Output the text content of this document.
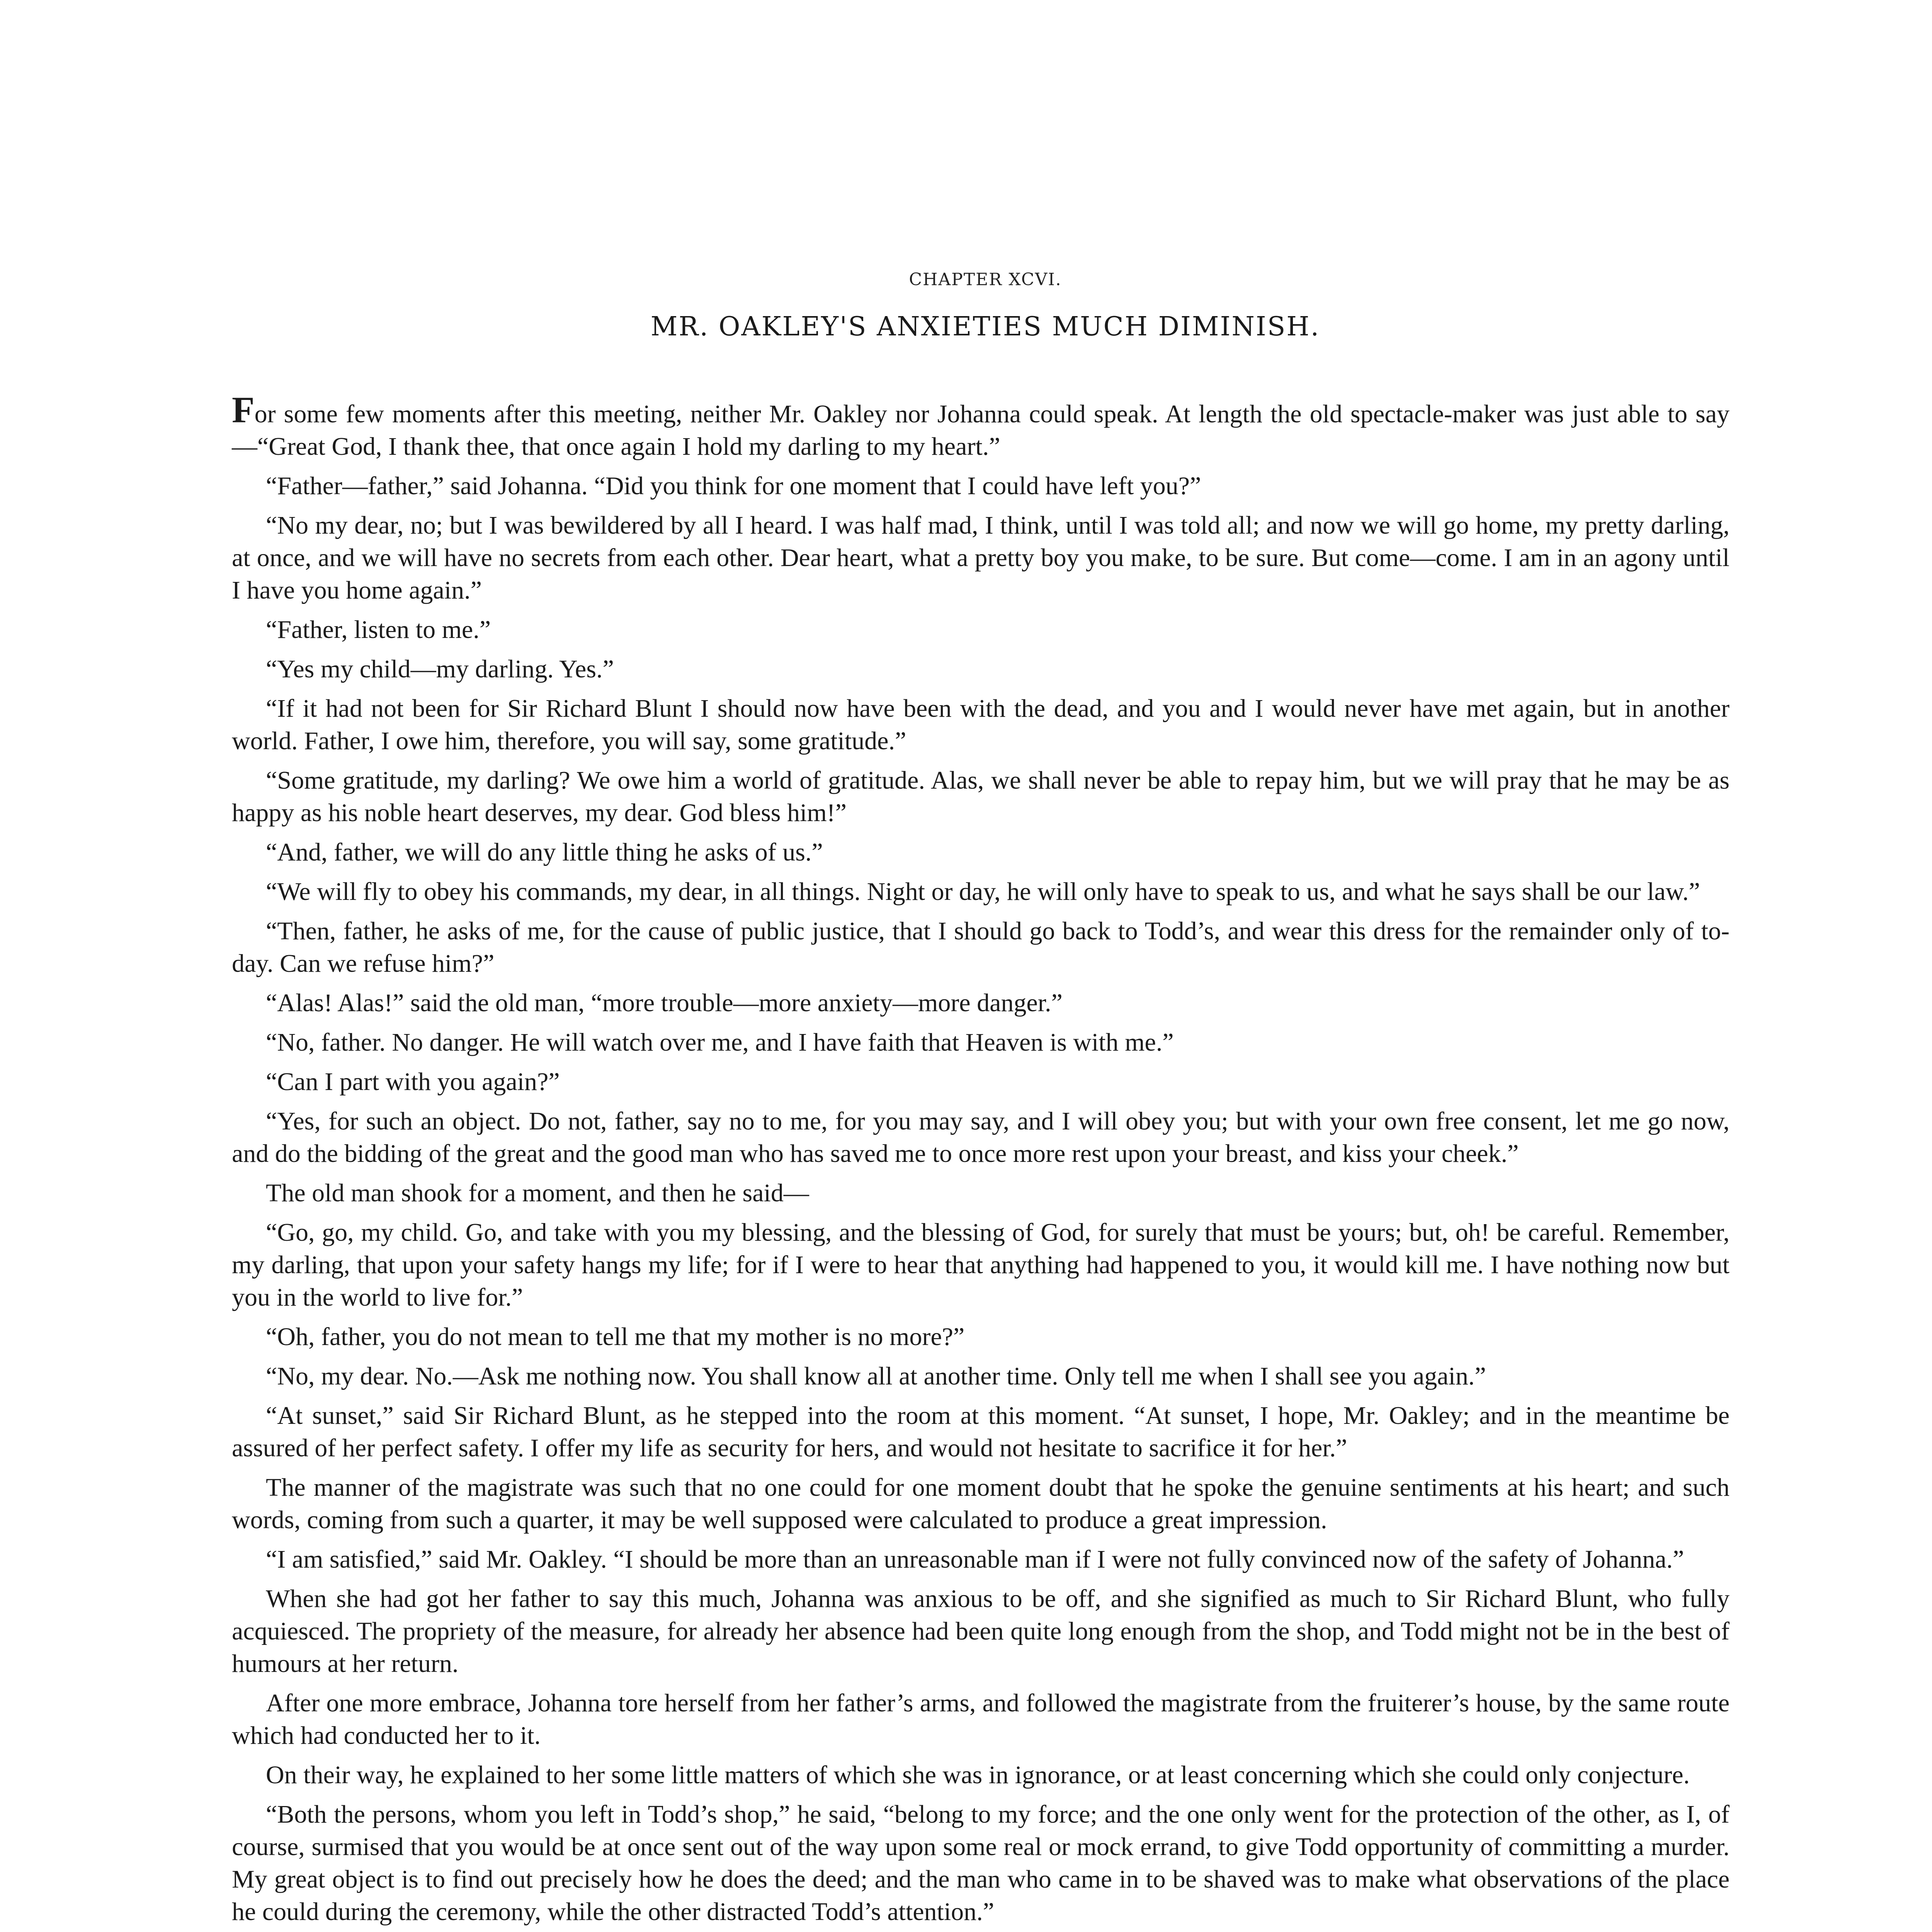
CHAPTER XCVI.
MR. OAKLEY'S ANXIETIES MUCH DIMINISH.

For some few moments after this meeting, neither Mr. Oakley nor Johanna could speak. At length the old spectacle-maker was just able to say—“Great God, I thank thee, that once again I hold my darling to my heart.”

“Father—father,” said Johanna. “Did you think for one moment that I could have left you?”

“No my dear, no; but I was bewildered by all I heard. I was half mad, I think, until I was told all; and now we will go home, my pretty darling, at once, and we will have no secrets from each other. Dear heart, what a pretty boy you make, to be sure. But come—come. I am in an agony until I have you home again.”

“Father, listen to me.”

“Yes my child—my darling. Yes.”

“If it had not been for Sir Richard Blunt I should now have been with the dead, and you and I would never have met again, but in another world. Father, I owe him, therefore, you will say, some gratitude.”

“Some gratitude, my darling? We owe him a world of gratitude. Alas, we shall never be able to repay him, but we will pray that he may be as happy as his noble heart deserves, my dear. God bless him!”

“And, father, we will do any little thing he asks of us.”

“We will fly to obey his commands, my dear, in all things. Night or day, he will only have to speak to us, and what he says shall be our law.”

“Then, father, he asks of me, for the cause of public justice, that I should go back to Todd’s, and wear this dress for the remainder only of to-day. Can we refuse him?”

“Alas! Alas!” said the old man, “more trouble—more anxiety—more danger.”

“No, father. No danger. He will watch over me, and I have faith that Heaven is with me.”

“Can I part with you again?”

“Yes, for such an object. Do not, father, say no to me, for you may say, and I will obey you; but with your own free consent, let me go now, and do the bidding of the great and the good man who has saved me to once more rest upon your breast, and kiss your cheek.”

The old man shook for a moment, and then he said—

“Go, go, my child. Go, and take with you my blessing, and the blessing of God, for surely that must be yours; but, oh! be careful. Remember, my darling, that upon your safety hangs my life; for if I were to hear that anything had happened to you, it would kill me. I have nothing now but you in the world to live for.”

“Oh, father, you do not mean to tell me that my mother is no more?”

“No, my dear. No.—Ask me nothing now. You shall know all at another time. Only tell me when I shall see you again.”

“At sunset,” said Sir Richard Blunt, as he stepped into the room at this moment. “At sunset, I hope, Mr. Oakley; and in the meantime be assured of her perfect safety. I offer my life as security for hers, and would not hesitate to sacrifice it for her.”

The manner of the magistrate was such that no one could for one moment doubt that he spoke the genuine sentiments at his heart; and such words, coming from such a quarter, it may be well supposed were calculated to produce a great impression.

“I am satisfied,” said Mr. Oakley. “I should be more than an unreasonable man if I were not fully convinced now of the safety of Johanna.”

When she had got her father to say this much, Johanna was anxious to be off, and she signified as much to Sir Richard Blunt, who fully acquiesced. The propriety of the measure, for already her absence had been quite long enough from the shop, and Todd might not be in the best of humours at her return.

After one more embrace, Johanna tore herself from her father’s arms, and followed the magistrate from the fruiterer’s house, by the same route which had conducted her to it.

On their way, he explained to her some little matters of which she was in ignorance, or at least concerning which she could only conjecture.

“Both the persons, whom you left in Todd’s shop,” he said, “belong to my force; and the one only went for the protection of the other, as I, of course, surmised that you would be at once sent out of the way upon some real or mock errand, to give Todd opportunity of committing a murder. My great object is to find out precisely how he does the deed; and the man who came in to be shaved was to make what observations of the place he could during the ceremony, while the other distracted Todd’s attention.”
